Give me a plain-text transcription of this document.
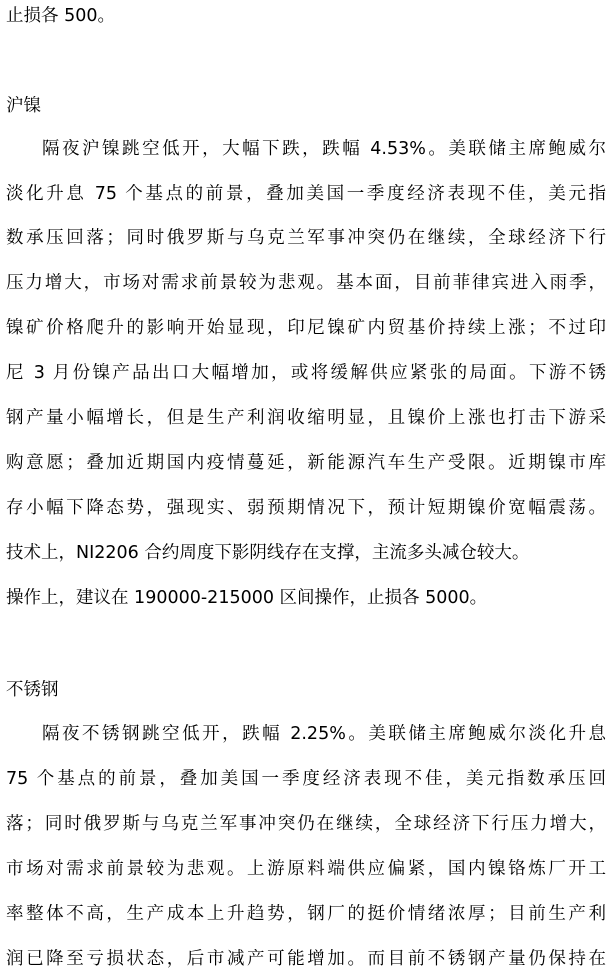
止损各 500。
沪镍
隔夜沪镍跳空低开，大幅下跌，跌幅 4.53%。美联储主席鲍威尔
淡化升息 75 个基点的前景，叠加美国一季度经济表现不佳，美元指
数承压回落；同时俄罗斯与乌克兰军事冲突仍在继续，全球经济下行
压力增大，市场对需求前景较为悲观。基本面，目前菲律宾进入雨季，
镍矿价格爬升的影响开始显现，印尼镍矿内贸基价持续上涨；不过印
尼 3 月份镍产品出口大幅增加，或将缓解供应紧张的局面。下游不锈
钢产量小幅增长，但是生产利润收缩明显，且镍价上涨也打击下游采
购意愿；叠加近期国内疫情蔓延，新能源汽车生产受限。近期镍市库
存小幅下降态势，强现实、弱预期情况下，预计短期镍价宽幅震荡。
技术上，NI2206 合约周度下影阴线存在支撑，主流多头减仓较大。
操作上，建议在 190000-215000 区间操作，止损各 5000。
不锈钢
隔夜不锈钢跳空低开，跌幅 2.25%。美联储主席鲍威尔淡化升息
75 个基点的前景，叠加美国一季度经济表现不佳，美元指数承压回
落；同时俄罗斯与乌克兰军事冲突仍在继续，全球经济下行压力增大，
市场对需求前景较为悲观。上游原料端供应偏紧，国内镍铬炼厂开工
率整体不高，生产成本上升趋势，钢厂的挺价情绪浓厚；目前生产利
润已降至亏损状态，后市减产可能增加。而目前不锈钢产量仍保持在
